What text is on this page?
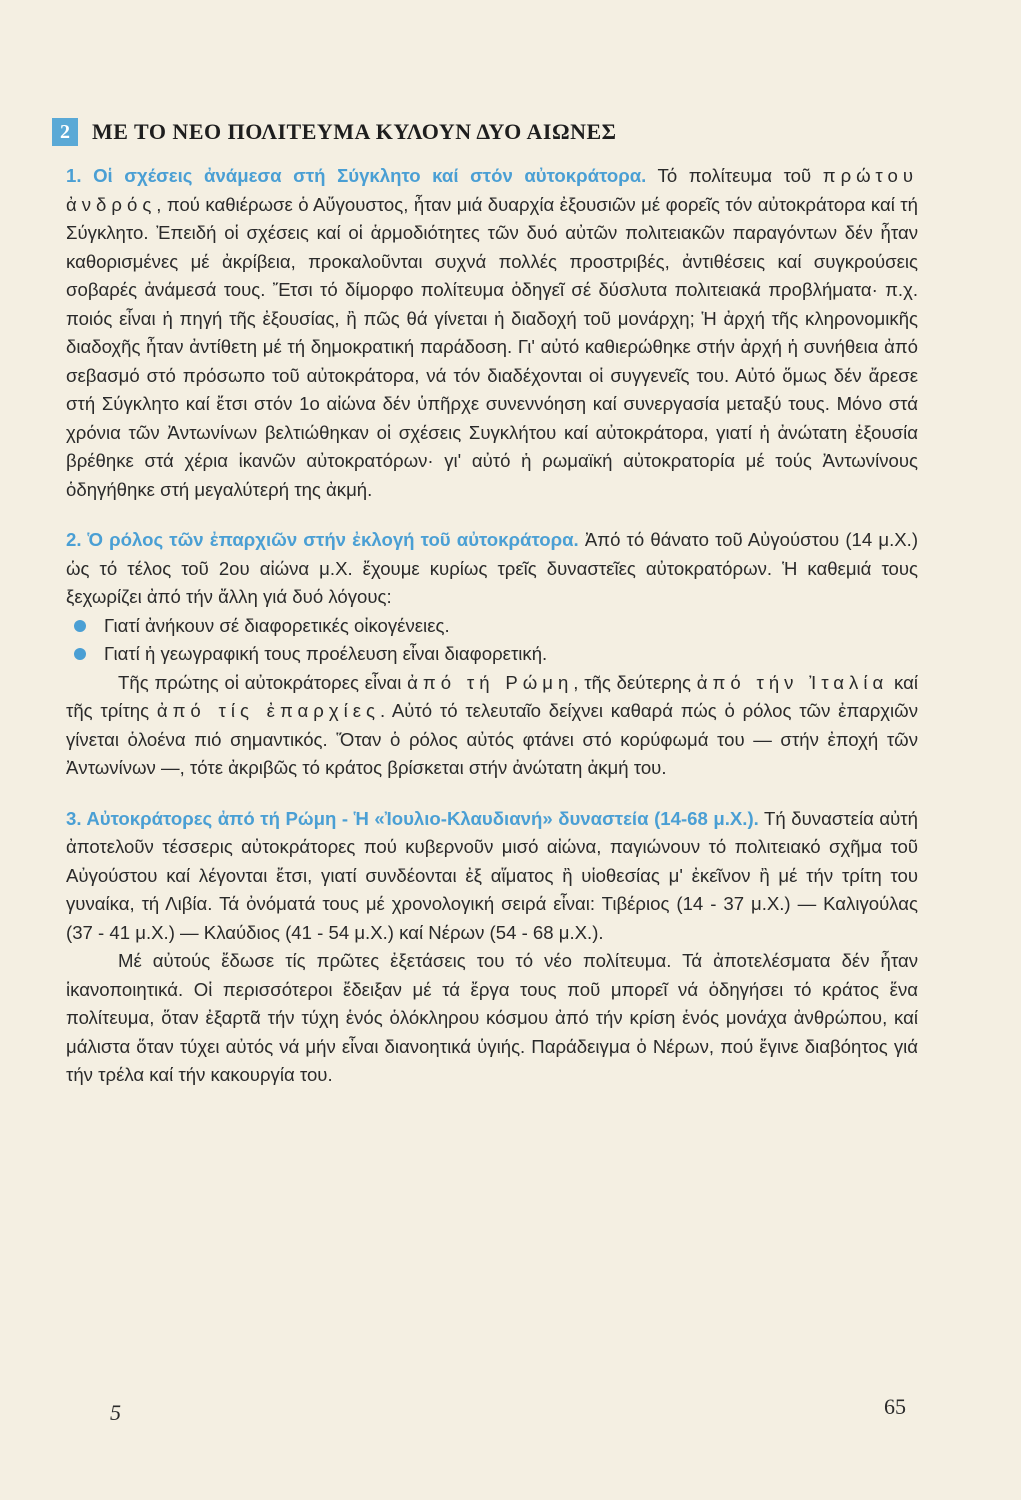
2	ΜΕ ΤΟ ΝΕΟ ΠΟΛΙΤΕΥΜΑ ΚΥΛΟΥΝ ΔΥΟ ΑΙΩΝΕΣ

1. Οἱ σχέσεις ἀνάμεσα στή Σύγκλητο καί στόν αὐτοκράτορα. Τό πολίτευμα τοῦ πρώτου ἀνδρός, πού καθιέρωσε ὁ Αὔγουστος, ἦταν μιά δυαρχία ἐξουσιῶν μέ φορεῖς τόν αὐτοκράτορα καί τή Σύγκλητο. Ἐπειδή οἱ σχέσεις καί οἱ ἁρμοδιότητες τῶν δυό αὐτῶν πολιτειακῶν παραγόντων δέν ἦταν καθορισμένες μέ ἀκρίβεια, προκαλοῦνται συχνά πολλές προστριβές, ἀντιθέσεις καί συγκρούσεις σοβαρές ἀνάμεσά τους. Ἔτσι τό δίμορφο πολίτευμα ὁδηγεῖ σέ δύσλυτα πολιτειακά προβλήματα· π.χ. ποιός εἶναι ἡ πηγή τῆς ἐξουσίας, ἢ πῶς θά γίνεται ἡ διαδοχή τοῦ μονάρχη; Ἡ ἀρχή τῆς κληρονομικῆς διαδοχῆς ἦταν ἀντίθετη μέ τή δημοκρατική παράδοση. Γι' αὐτό καθιερώθηκε στήν ἀρχή ἡ συνήθεια ἀπό σεβασμό στό πρόσωπο τοῦ αὐτοκράτορα, νά τόν διαδέχονται οἱ συγγενεῖς του. Αὐτό ὅμως δέν ἄρεσε στή Σύγκλητο καί ἔτσι στόν 1ο αἰώνα δέν ὑπῆρχε συνεννόηση καί συνεργασία μεταξύ τους. Μόνο στά χρόνια τῶν Ἀντωνίνων βελτιώθηκαν οἱ σχέσεις Συγκλήτου καί αὐτοκράτορα, γιατί ἡ ἀνώτατη ἐξουσία βρέθηκε στά χέρια ἱκανῶν αὐτοκρατόρων· γι' αὐτό ἡ ρωμαϊκή αὐτοκρατορία μέ τούς Ἀντωνίνους ὁδηγήθηκε στή μεγαλύτερή της ἀκμή.

2. Ὁ ρόλος τῶν ἐπαρχιῶν στήν ἐκλογή τοῦ αὐτοκράτορα. Ἀπό τό θάνατο τοῦ Αὐγούστου (14 μ.Χ.) ὡς τό τέλος τοῦ 2ου αἰώνα μ.Χ. ἔχουμε κυρίως τρεῖς δυναστεῖες αὐτοκρατόρων. Ἡ καθεμιά τους ξεχωρίζει ἀπό τήν ἄλλη γιά δυό λόγους:

Γιατί ἀνήκουν σέ διαφορετικές οἰκογένειες.
Γιατί ἡ γεωγραφική τους προέλευση εἶναι διαφορετική.

Τῆς πρώτης οἱ αὐτοκράτορες εἶναι ἀπό τή Ρώμη, τῆς δεύτερης ἀπό τήν Ἰταλία καί τῆς τρίτης ἀπό τίς ἐπαρχίες. Αὐτό τό τελευταῖο δείχνει καθαρά πώς ὁ ρόλος τῶν ἐπαρχιῶν γίνεται ὁλοένα πιό σημαντικός. Ὅταν ὁ ρόλος αὐτός φτάνει στό κορύφωμά του — στήν ἐποχή τῶν Ἀντωνίνων —, τότε ἀκριβῶς τό κράτος βρίσκεται στήν ἀνώτατη ἀκμή του.

3. Αὐτοκράτορες ἀπό τή Ρώμη - Ἡ «Ἰουλιο-Κλαυδιανή» δυναστεία (14-68 μ.Χ.). Τή δυναστεία αὐτή ἀποτελοῦν τέσσερις αὐτοκράτορες πού κυβερνοῦν μισό αἰώνα, παγιώνουν τό πολιτειακό σχῆμα τοῦ Αὐγούστου καί λέγονται ἔτσι, γιατί συνδέονται ἐξ αἵματος ἢ υἱοθεσίας μ' ἐκεῖνον ἢ μέ τήν τρίτη του γυναίκα, τή Λιβία. Τά ὀνόματά τους μέ χρονολογική σειρά εἶναι: Τιβέριος (14 - 37 μ.Χ.) — Καλιγούλας (37 - 41 μ.Χ.) — Κλαύδιος (41 - 54 μ.Χ.) καί Νέρων (54 - 68 μ.Χ.).

Μέ αὐτούς ἔδωσε τίς πρῶτες ἐξετάσεις του τό νέο πολίτευμα. Τά ἀποτελέσματα δέν ἦταν ἱκανοποιητικά. Οἱ περισσότεροι ἔδειξαν μέ τά ἔργα τους ποῦ μπορεῖ νά ὁδηγήσει τό κράτος ἕνα πολίτευμα, ὅταν ἐξαρτᾶ τήν τύχη ἑνός ὁλόκληρου κόσμου ἀπό τήν κρίση ἑνός μονάχα ἀνθρώπου, καί μάλιστα ὅταν τύχει αὐτός νά μήν εἶναι διανοητικά ὑγιής. Παράδειγμα ὁ Νέρων, πού ἔγινε διαβόητος γιά τήν τρέλα καί τήν κακουργία του.

5	65
